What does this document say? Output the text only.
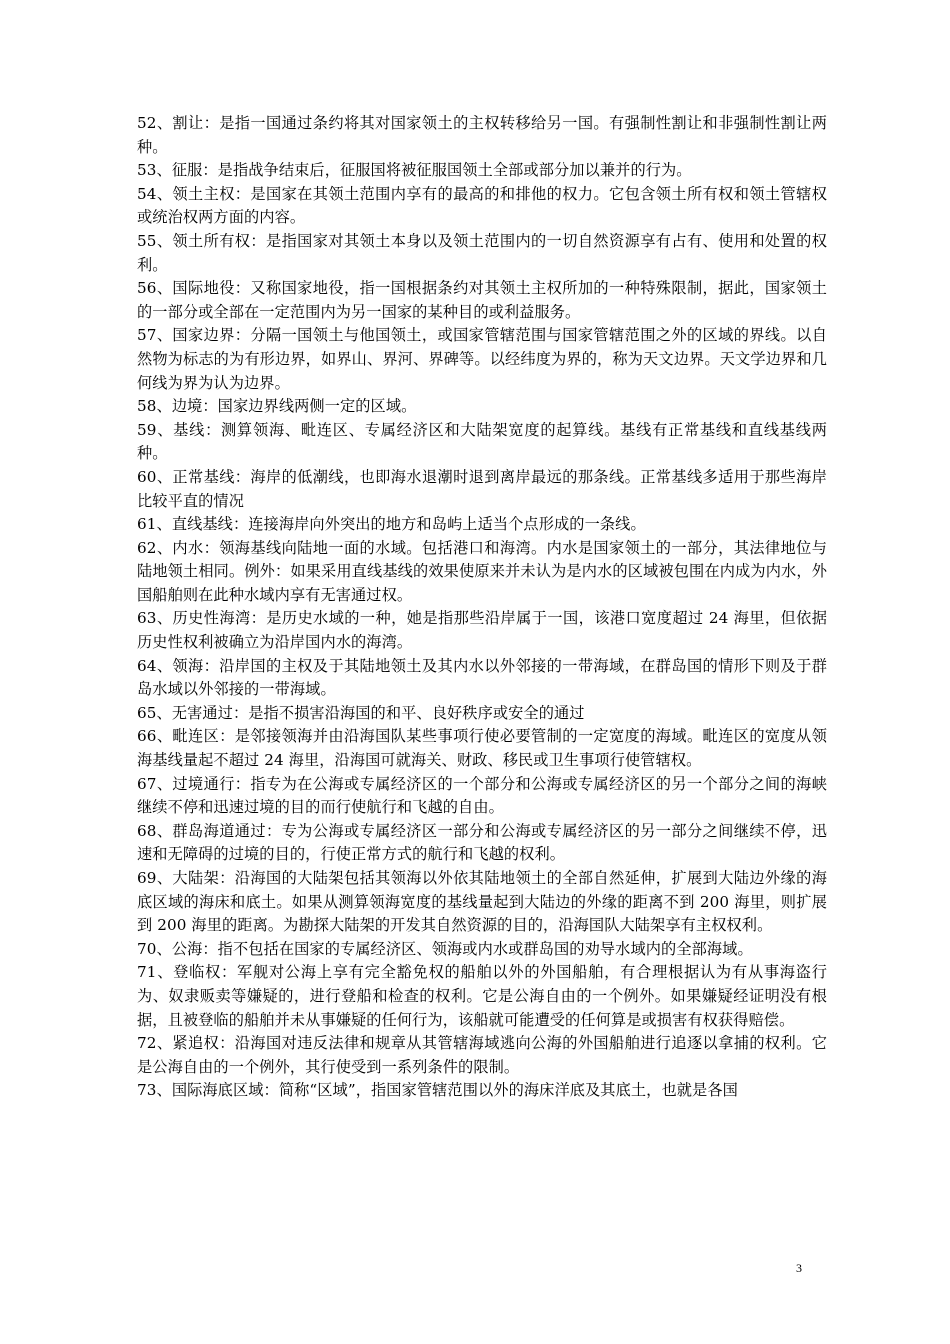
52、割让：是指一国通过条约将其对国家领土的主权转移给另一国。有强制性割让和非强制性割让两种。

53、征服：是指战争结束后，征服国将被征服国领土全部或部分加以兼并的行为。

54、领土主权：是国家在其领土范围内享有的最高的和排他的权力。它包含领土所有权和领土管辖权或统治权两方面的内容。

55、领土所有权：是指国家对其领土本身以及领土范围内的一切自然资源享有占有、使用和处置的权利。

56、国际地役：又称国家地役，指一国根据条约对其领土主权所加的一种特殊限制，据此，国家领土的一部分或全部在一定范围内为另一国家的某种目的或利益服务。

57、国家边界：分隔一国领土与他国领土，或国家管辖范围与国家管辖范围之外的区域的界线。以自然物为标志的为有形边界，如界山、界河、界碑等。以经纬度为界的，称为天文边界。天文学边界和几何线为界为认为边界。

58、边境：国家边界线两侧一定的区域。

59、基线：测算领海、毗连区、专属经济区和大陆架宽度的起算线。基线有正常基线和直线基线两种。

60、正常基线：海岸的低潮线，也即海水退潮时退到离岸最远的那条线。正常基线多适用于那些海岸比较平直的情况

61、直线基线：连接海岸向外突出的地方和岛屿上适当个点形成的一条线。

62、内水：领海基线向陆地一面的水域。包括港口和海湾。内水是国家领土的一部分，其法律地位与陆地领土相同。例外：如果采用直线基线的效果使原来并未认为是内水的区域被包围在内成为内水，外国船舶则在此种水域内享有无害通过权。

63、历史性海湾：是历史水域的一种，她是指那些沿岸属于一国，该港口宽度超过 24 海里，但依据历史性权利被确立为沿岸国内水的海湾。

64、领海：沿岸国的主权及于其陆地领土及其内水以外邻接的一带海域，在群岛国的情形下则及于群岛水域以外邻接的一带海域。

65、无害通过：是指不损害沿海国的和平、良好秩序或安全的通过

66、毗连区：是邻接领海并由沿海国队某些事项行使必要管制的一定宽度的海域。毗连区的宽度从领海基线量起不超过 24 海里，沿海国可就海关、财政、移民或卫生事项行使管辖权。

67、过境通行：指专为在公海或专属经济区的一个部分和公海或专属经济区的另一个部分之间的海峡继续不停和迅速过境的目的而行使航行和飞越的自由。

68、群岛海道通过：专为公海或专属经济区一部分和公海或专属经济区的另一部分之间继续不停，迅速和无障碍的过境的目的，行使正常方式的航行和飞越的权利。

69、大陆架：沿海国的大陆架包括其领海以外依其陆地领土的全部自然延伸，扩展到大陆边外缘的海底区域的海床和底土。如果从测算领海宽度的基线量起到大陆边的外缘的距离不到 200 海里，则扩展到 200 海里的距离。为勘探大陆架的开发其自然资源的目的，沿海国队大陆架享有主权权利。

70、公海：指不包括在国家的专属经济区、领海或内水或群岛国的劝导水域内的全部海域。

71、登临权：军舰对公海上享有完全豁免权的船舶以外的外国船舶，有合理根据认为有从事海盗行为、奴隶贩卖等嫌疑的，进行登船和检查的权利。它是公海自由的一个例外。如果嫌疑经证明没有根据，且被登临的船舶并未从事嫌疑的任何行为，该船就可能遭受的任何算是或损害有权获得赔偿。

72、紧追权：沿海国对违反法律和规章从其管辖海域逃向公海的外国船舶进行追逐以拿捕的权利。它是公海自由的一个例外，其行使受到一系列条件的限制。

73、国际海底区域：简称“区域”，指国家管辖范围以外的海床洋底及其底土，也就是各国

3
